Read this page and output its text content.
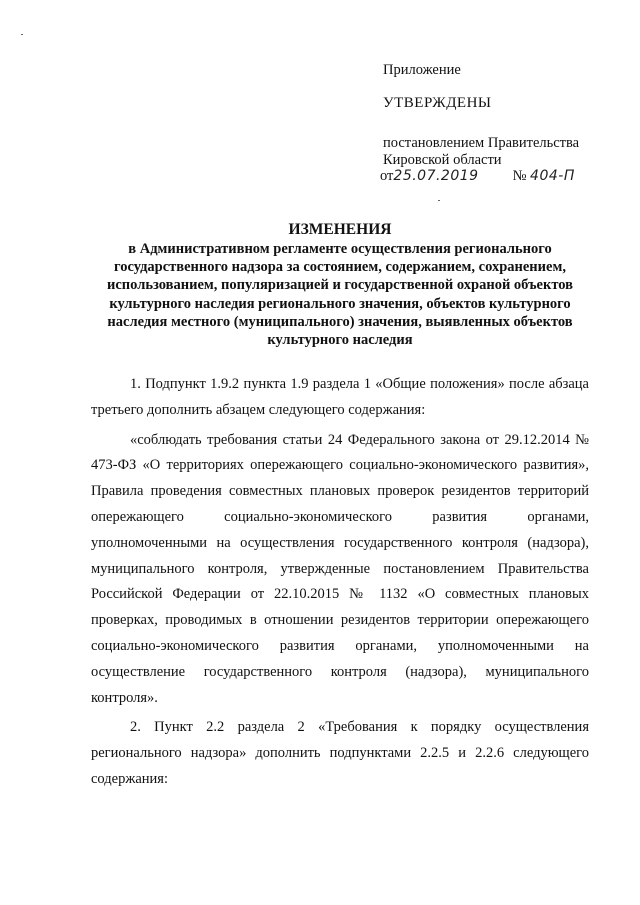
Приложение
УТВЕРЖДЕНЫ
постановлением Правительства
Кировской области
от25.07.2019 № 404-П
ИЗМЕНЕНИЯ
в Административном регламенте осуществления регионального государственного надзора за состоянием, содержанием, сохранением, использованием, популяризацией и государственной охраной объектов культурного наследия регионального значения, объектов культурного наследия местного (муниципального) значения, выявленных объектов культурного наследия

1. Подпункт 1.9.2 пункта 1.9 раздела 1 «Общие положения» после абзаца третьего дополнить абзацем следующего содержания:

«соблюдать требования статьи 24 Федерального закона от 29.12.2014 № 473-ФЗ «О территориях опережающего социально-экономического развития», Правила проведения совместных плановых проверок резидентов территорий опережающего социально-экономического развития органами, уполномоченными на осуществления государственного контроля (надзора), муниципального контроля, утвержденные постановлением Правительства Российской Федерации от 22.10.2015 № 1132 «О совместных плановых проверках, проводимых в отношении резидентов территории опережающего социально-экономического развития органами, уполномоченными на осуществление государственного контроля (надзора), муниципального контроля».

2. Пункт 2.2 раздела 2 «Требования к порядку осуществления регионального надзора» дополнить подпунктами 2.2.5 и 2.2.6 следующего содержания:
